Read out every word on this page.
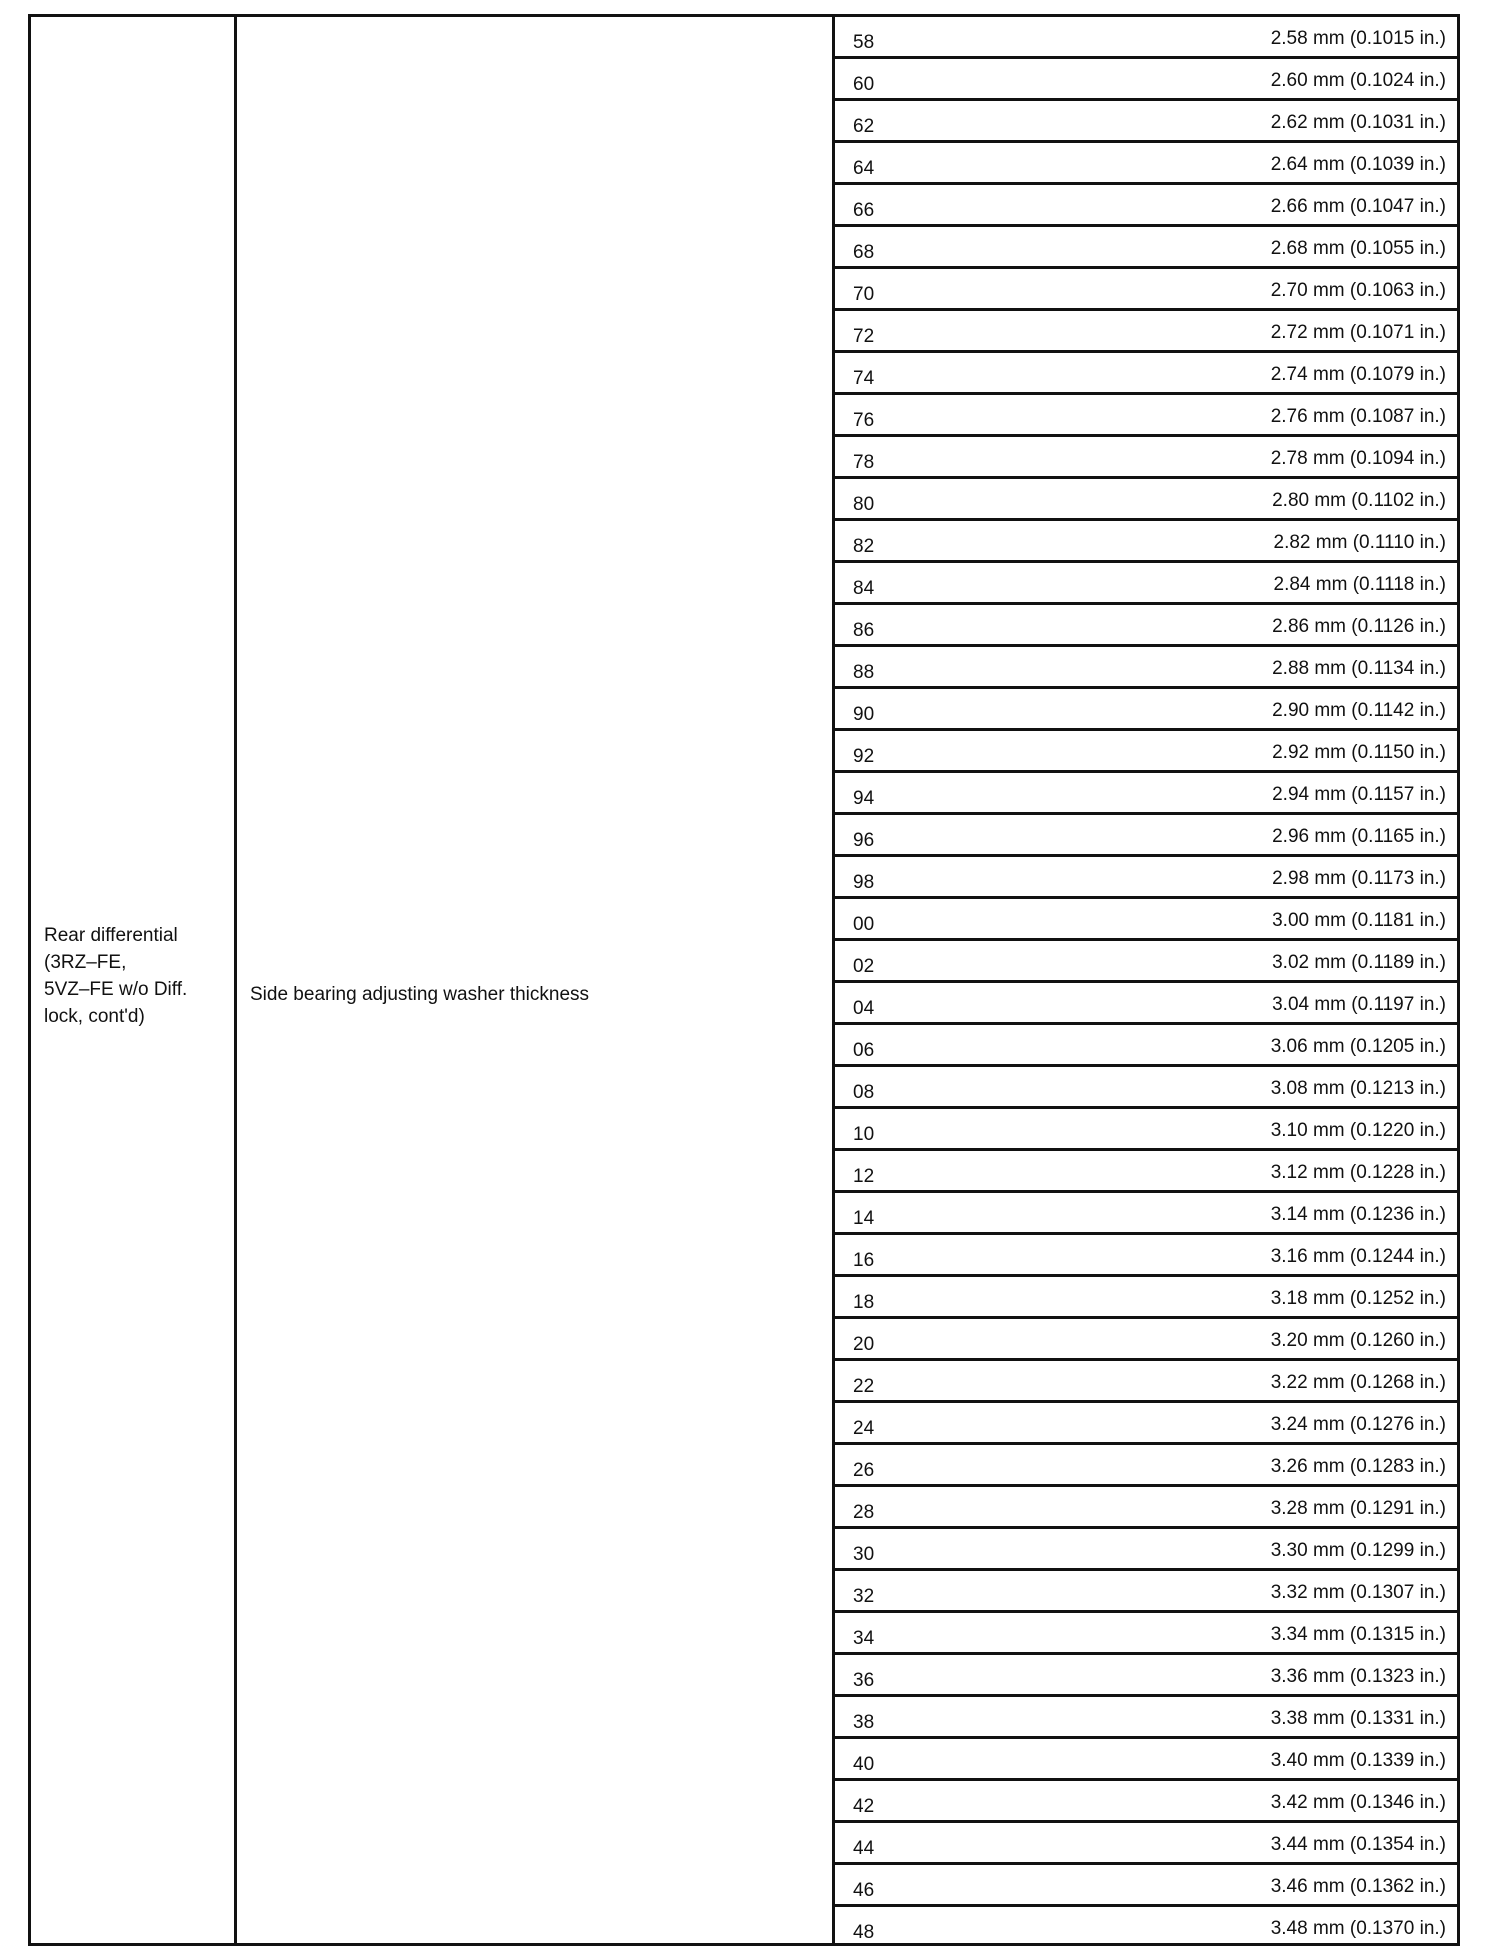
Rear differential
(3RZ–FE,
5VZ–FE w/o Diff.
lock, cont'd)
Side bearing adjusting washer thickness
58	2.58 mm (0.1015 in.)
60	2.60 mm (0.1024 in.)
62	2.62 mm (0.1031 in.)
64	2.64 mm (0.1039 in.)
66	2.66 mm (0.1047 in.)
68	2.68 mm (0.1055 in.)
70	2.70 mm (0.1063 in.)
72	2.72 mm (0.1071 in.)
74	2.74 mm (0.1079 in.)
76	2.76 mm (0.1087 in.)
78	2.78 mm (0.1094 in.)
80	2.80 mm (0.1102 in.)
82	2.82 mm (0.1110 in.)
84	2.84 mm (0.1118 in.)
86	2.86 mm (0.1126 in.)
88	2.88 mm (0.1134 in.)
90	2.90 mm (0.1142 in.)
92	2.92 mm (0.1150 in.)
94	2.94 mm (0.1157 in.)
96	2.96 mm (0.1165 in.)
98	2.98 mm (0.1173 in.)
00	3.00 mm (0.1181 in.)
02	3.02 mm (0.1189 in.)
04	3.04 mm (0.1197 in.)
06	3.06 mm (0.1205 in.)
08	3.08 mm (0.1213 in.)
10	3.10 mm (0.1220 in.)
12	3.12 mm (0.1228 in.)
14	3.14 mm (0.1236 in.)
16	3.16 mm (0.1244 in.)
18	3.18 mm (0.1252 in.)
20	3.20 mm (0.1260 in.)
22	3.22 mm (0.1268 in.)
24	3.24 mm (0.1276 in.)
26	3.26 mm (0.1283 in.)
28	3.28 mm (0.1291 in.)
30	3.30 mm (0.1299 in.)
32	3.32 mm (0.1307 in.)
34	3.34 mm (0.1315 in.)
36	3.36 mm (0.1323 in.)
38	3.38 mm (0.1331 in.)
40	3.40 mm (0.1339 in.)
42	3.42 mm (0.1346 in.)
44	3.44 mm (0.1354 in.)
46	3.46 mm (0.1362 in.)
48	3.48 mm (0.1370 in.)
